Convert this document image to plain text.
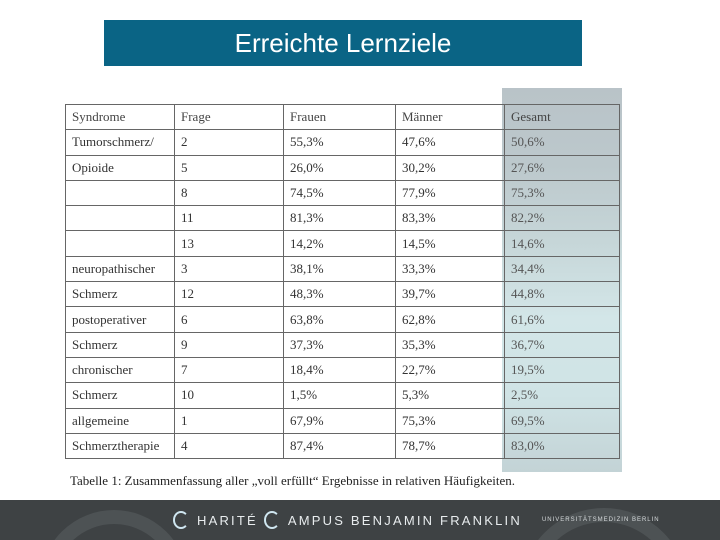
Erreichte Lernziele
Syndrome	Frage	Frauen	Männer	Gesamt
Tumorschmerz/	2	55,3%	47,6%	50,6%
Opioide	5	26,0%	30,2%	27,6%
	8	74,5%	77,9%	75,3%
	11	81,3%	83,3%	82,2%
	13	14,2%	14,5%	14,6%
neuropathischer	3	38,1%	33,3%	34,4%
Schmerz	12	48,3%	39,7%	44,8%
postoperativer	6	63,8%	62,8%	61,6%
Schmerz	9	37,3%	35,3%	36,7%
chronischer	7	18,4%	22,7%	19,5%
Schmerz	10	1,5%	5,3%	2,5%
allgemeine	1	67,9%	75,3%	69,5%
Schmerztherapie	4	87,4%	78,7%	83,0%
Tabelle 1: Zusammenfassung aller „voll erfüllt“ Ergebnisse in relativen Häufigkeiten.
HARITÉ AMPUS BENJAMIN FRANKLIN	UNIVERSITÄTSMEDIZIN BERLIN
